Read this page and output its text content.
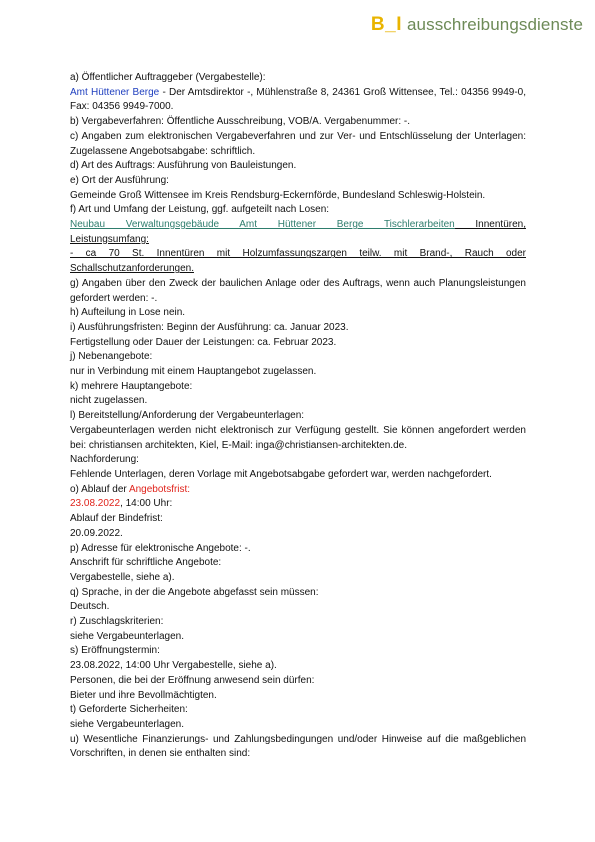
B_I ausschreibungsdienste

a) Öffentlicher Auftraggeber (Vergabestelle):

Amt Hüttener Berge - Der Amtsdirektor -, Mühlenstraße 8, 24361 Groß Wittensee, Tel.: 04356 9949-0, Fax: 04356 9949-7000.

b) Vergabeverfahren: Öffentliche Ausschreibung, VOB/A. Vergabenummer: -.

c) Angaben zum elektronischen Vergabeverfahren und zur Ver- und Entschlüsselung der Unterlagen: Zugelassene Angebotsabgabe: schriftlich.

d) Art des Auftrags: Ausführung von Bauleistungen.

e) Ort der Ausführung:

Gemeinde Groß Wittensee im Kreis Rendsburg-Eckernförde, Bundesland Schleswig-Holstein.

f) Art und Umfang der Leistung, ggf. aufgeteilt nach Losen:

Neubau Verwaltungsgebäude Amt Hüttener Berge Tischlerarbeiten Innentüren,

Leistungsumfang:

- ca 70 St. Innentüren mit Holzumfassungszargen teilw. mit Brand-, Rauch oder Schallschutzanforderungen.

g) Angaben über den Zweck der baulichen Anlage oder des Auftrags, wenn auch Planungsleistungen gefordert werden: -.

h) Aufteilung in Lose nein.

i) Ausführungsfristen: Beginn der Ausführung: ca. Januar 2023.

Fertigstellung oder Dauer der Leistungen: ca. Februar 2023.

j) Nebenangebote:

nur in Verbindung mit einem Hauptangebot zugelassen.

k) mehrere Hauptangebote:

nicht zugelassen.

l) Bereitstellung/Anforderung der Vergabeunterlagen:

Vergabeunterlagen werden nicht elektronisch zur Verfügung gestellt. Sie können angefordert werden bei: christiansen architekten, Kiel, E-Mail: inga@christiansen-architekten.de.

Nachforderung:

Fehlende Unterlagen, deren Vorlage mit Angebotsabgabe gefordert war, werden nachgefordert.

o) Ablauf der Angebotsfrist:

23.08.2022, 14:00 Uhr:

Ablauf der Bindefrist:

20.09.2022.

p) Adresse für elektronische Angebote: -.

Anschrift für schriftliche Angebote:

Vergabestelle, siehe a).

q) Sprache, in der die Angebote abgefasst sein müssen:

Deutsch.

r) Zuschlagskriterien:

siehe Vergabeunterlagen.

s) Eröffnungstermin:

23.08.2022, 14:00 Uhr Vergabestelle, siehe a).

Personen, die bei der Eröffnung anwesend sein dürfen:

Bieter und ihre Bevollmächtigten.

t) Geforderte Sicherheiten:

siehe Vergabeunterlagen.

u) Wesentliche Finanzierungs- und Zahlungsbedingungen und/oder Hinweise auf die maßgeblichen Vorschriften, in denen sie enthalten sind:
